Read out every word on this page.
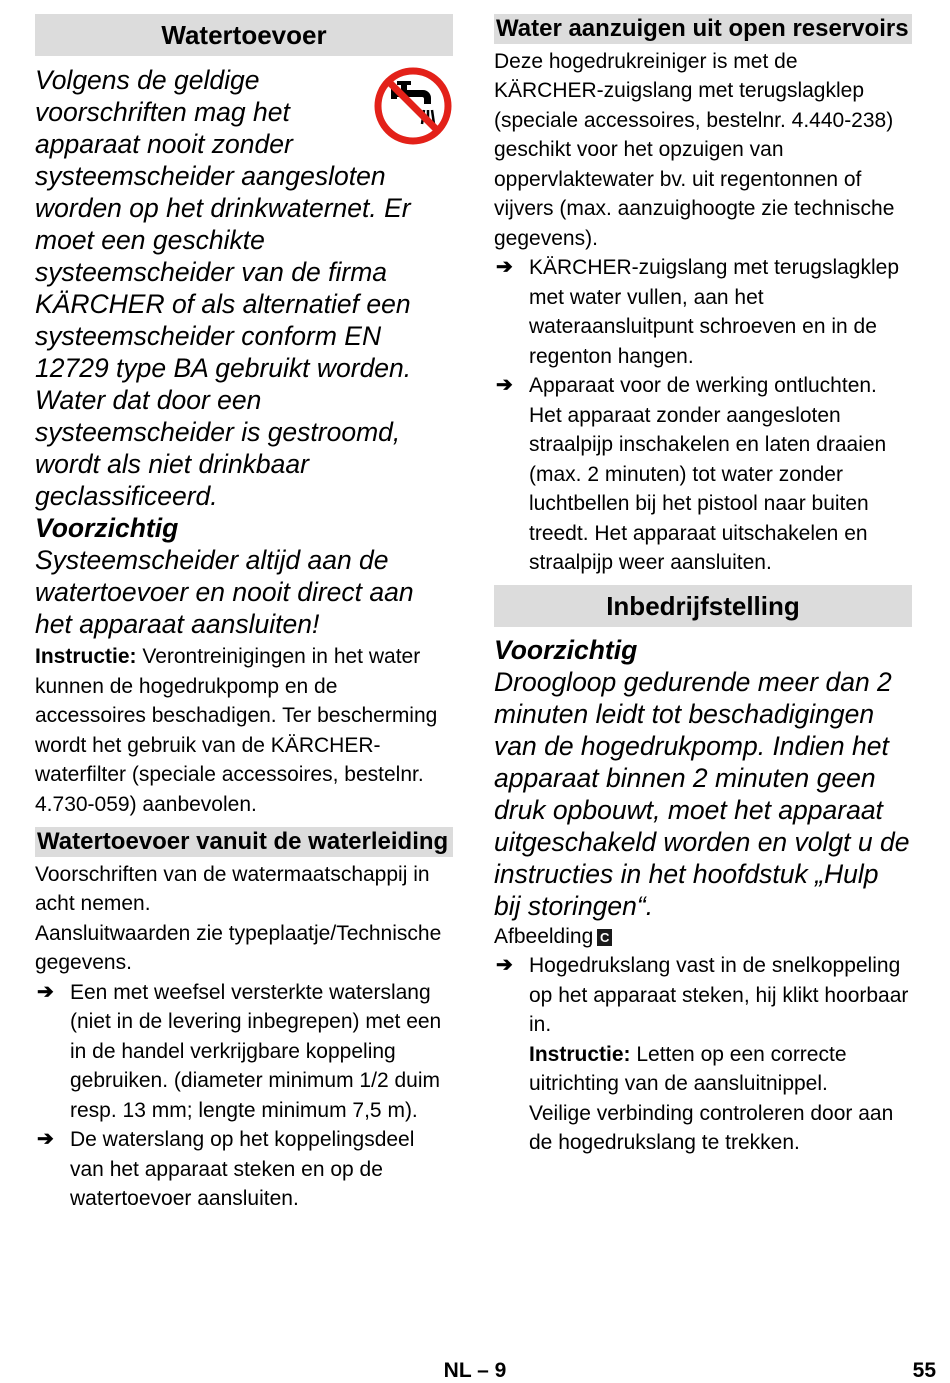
Watertoevoer
Volgens de geldige voorschriften mag het apparaat nooit zonder systeemscheider aangesloten worden op het drinkwaternet. Er moet een geschikte systeemscheider van de firma KÄRCHER of als alternatief een systeemscheider conform EN 12729 type BA gebruikt worden.

Water dat door een systeemscheider is gestroomd, wordt als niet drinkbaar geclassificeerd.

Voorzichtig

Systeemscheider altijd aan de watertoevoer en nooit direct aan het apparaat aansluiten!

Instructie: Verontreinigingen in het water kunnen de hogedrukpomp en de accessoires beschadigen. Ter bescherming wordt het gebruik van de KÄRCHER-waterfilter (speciale accessoires, bestelnr. 4.730-059) aanbevolen.

Watertoevoer vanuit de waterleiding

Voorschriften van de watermaatschappij in acht nemen.

Aansluitwaarden zie typeplaatje/Technische gegevens.

➔ Een met weefsel versterkte waterslang (niet in de levering inbegrepen) met een in de handel verkrijgbare koppeling gebruiken. (diameter minimum 1/2 duim resp. 13 mm; lengte minimum 7,5 m).
➔ De waterslang op het koppelingsdeel van het apparaat steken en op de watertoevoer aansluiten.
Water aanzuigen uit open reservoirs

Deze hogedrukreiniger is met de KÄRCHER-zuigslang met terugslagklep (speciale accessoires, bestelnr. 4.440-238) geschikt voor het opzuigen van oppervlaktewater bv. uit regentonnen of vijvers (max. aanzuighoogte zie technische gegevens).

➔ KÄRCHER-zuigslang met terugslagklep met water vullen, aan het wateraansluitpunt schroeven en in de regenton hangen.
➔ Apparaat voor de werking ontluchten.

Het apparaat zonder aangesloten straalpijp inschakelen en laten draaien (max. 2 minuten) tot water zonder luchtbellen bij het pistool naar buiten treedt. Het apparaat uitschakelen en straalpijp weer aansluiten.

Inbedrijfstelling

Voorzichtig

Droogloop gedurende meer dan 2 minuten leidt tot beschadigingen van de hogedrukpomp. Indien het apparaat binnen 2 minuten geen druk opbouwt, moet het apparaat uitgeschakeld worden en volgt u de instructies in het hoofdstuk „Hulp bij storingen“.

Afbeelding C

➔ Hogedrukslang vast in de snelkoppeling op het apparaat steken, hij klikt hoorbaar in.

Instructie: Letten op een correcte uitrichting van de aansluitnippel.

Veilige verbinding controleren door aan de hogedrukslang te trekken.

NL – 9	55
